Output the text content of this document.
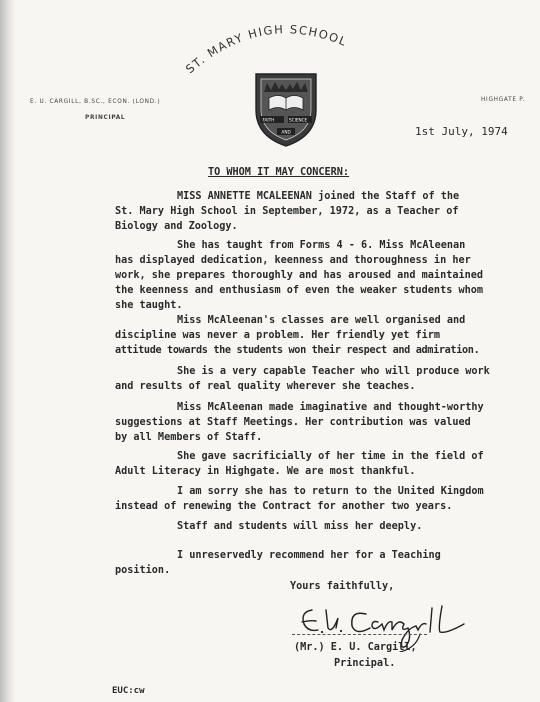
ST. MARY HIGH SCHOOL
FAITH	SCIENCE
AND
E. U. CARGILL, B.SC., ECON. (LOND.)
PRINCIPAL
HIGHGATE P.
1st July, 1974
TO WHOM IT MAY CONCERN:
MISS ANNETTE MCALEENAN joined the Staff of the
St. Mary High School in September, 1972, as a Teacher of
Biology and Zoology.
She has taught from Forms 4 - 6. Miss McAleenan
has displayed dedication, keenness and thoroughness in her
work, she prepares thoroughly and has aroused and maintained
the keenness and enthusiasm of even the weaker students whom
she taught.
Miss McAleenan's classes are well organised and
discipline was never a problem. Her friendly yet firm
attitude towards the students won their respect and admiration.
She is a very capable Teacher who will produce work
and results of real quality wherever she teaches.
Miss McAleenan made imaginative and thought-worthy
suggestions at Staff Meetings. Her contribution was valued
by all Members of Staff.
She gave sacrificially of her time in the field of
Adult Literacy in Highgate. We are most thankful.
I am sorry she has to return to the United Kingdom
instead of renewing the Contract for another two years.
Staff and students will miss her deeply.
I unreservedly recommend her for a Teaching
position.
Yours faithfully,
(Mr.) E. U. Cargill,
Principal.
EUC:cw
